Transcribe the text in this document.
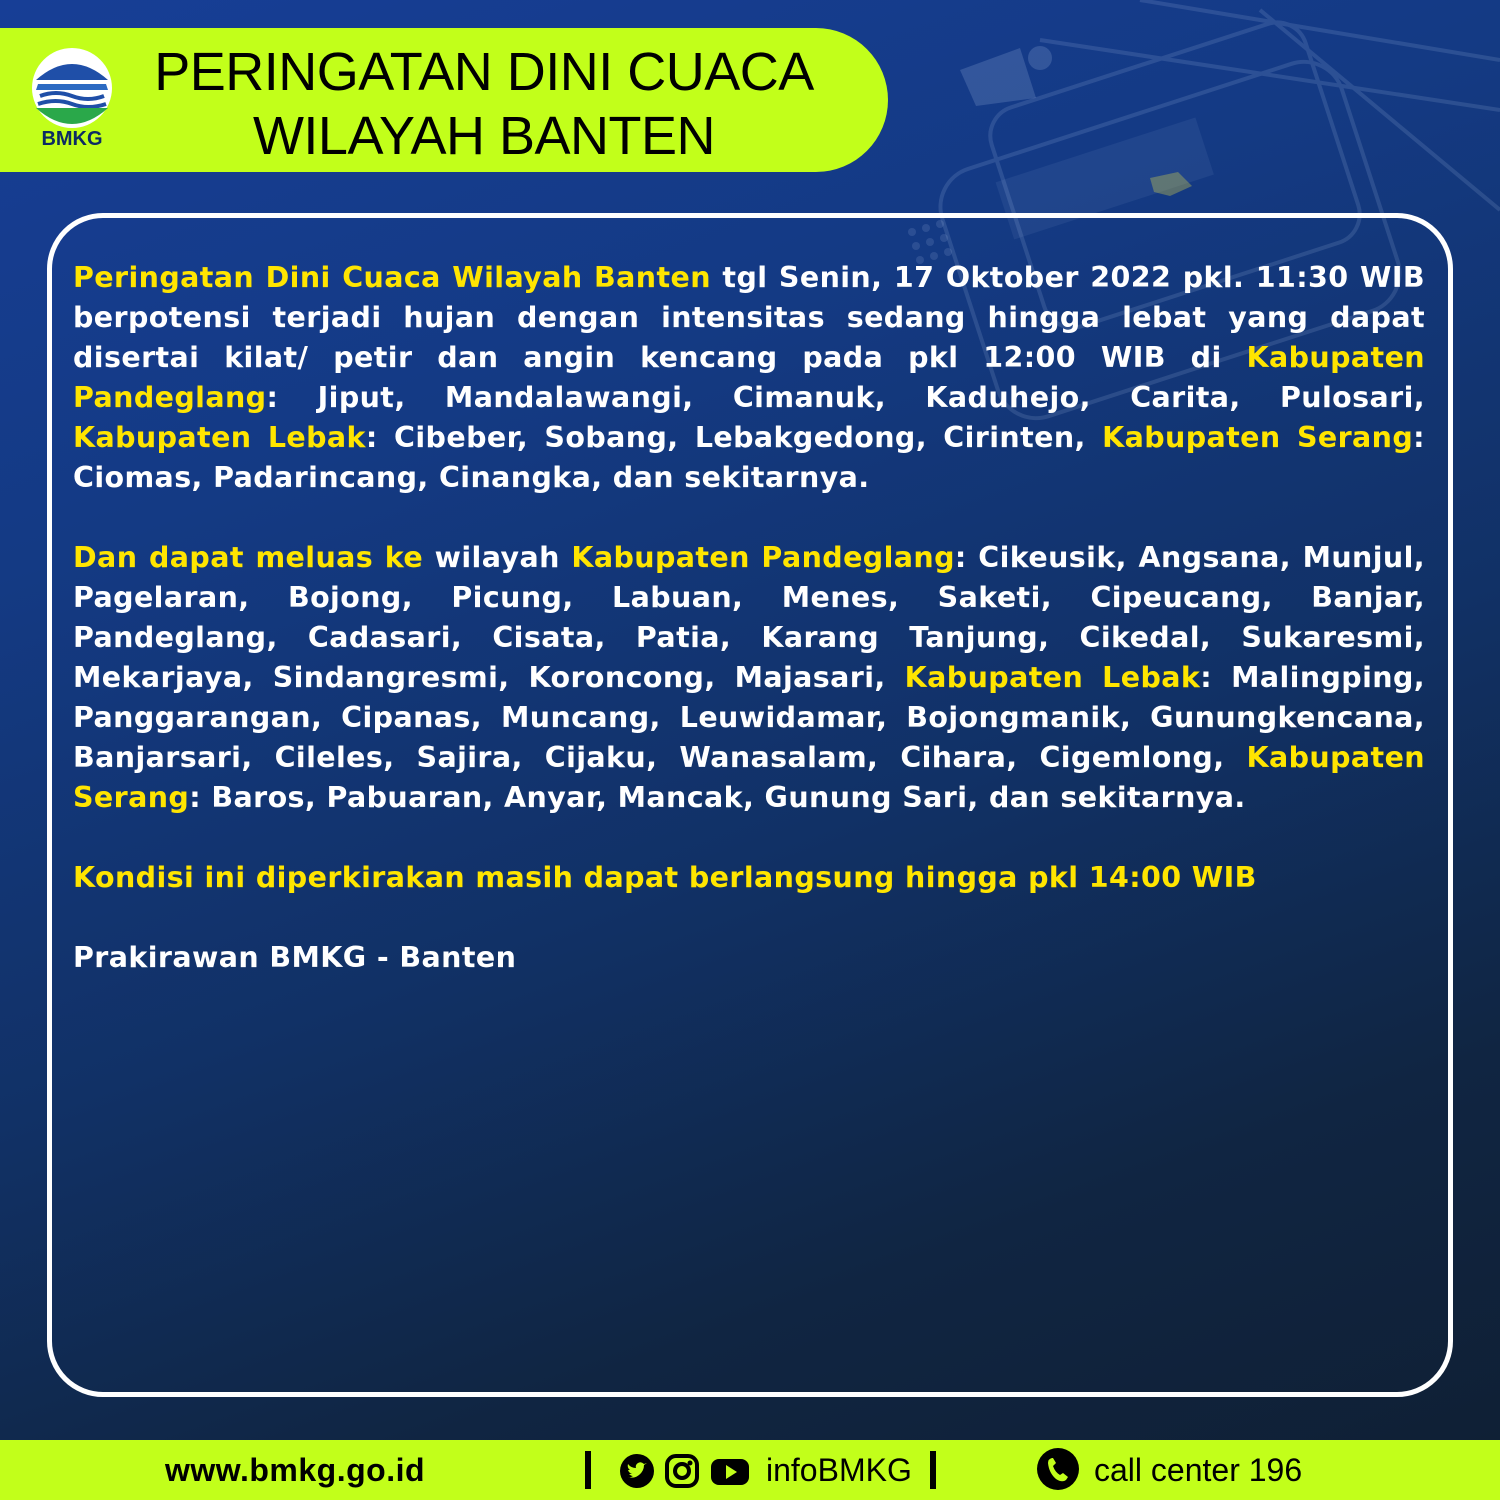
BMKG
PERINGATAN DINI CUACA
WILAYAH BANTEN

Peringatan Dini Cuaca Wilayah Banten tgl Senin, 17 Oktober 2022 pkl. 11:30 WIB berpotensi terjadi hujan dengan intensitas sedang hingga lebat yang dapat disertai kilat/ petir dan angin kencang pada pkl 12:00 WIB di Kabupaten Pandeglang: Jiput, Mandalawangi, Cimanuk, Kaduhejo, Carita, Pulosari, Kabupaten Lebak: Cibeber, Sobang, Lebakgedong, Cirinten, Kabupaten Serang: Ciomas, Padarincang, Cinangka, dan sekitarnya.

Dan dapat meluas ke wilayah Kabupaten Pandeglang: Cikeusik, Angsana, Munjul, Pagelaran, Bojong, Picung, Labuan, Menes, Saketi, Cipeucang, Banjar, Pandeglang, Cadasari, Cisata, Patia, Karang Tanjung, Cikedal, Sukaresmi, Mekarjaya, Sindangresmi, Koroncong, Majasari, Kabupaten Lebak: Malingping, Panggarangan, Cipanas, Muncang, Leuwidamar, Bojongmanik, Gunungkencana, Banjarsari, Cileles, Sajira, Cijaku, Wanasalam, Cihara, Cigemlong, Kabupaten Serang: Baros, Pabuaran, Anyar, Mancak, Gunung Sari, dan sekitarnya.

Kondisi ini diperkirakan masih dapat berlangsung hingga pkl 14:00 WIB

Prakirawan BMKG - Banten

www.bmkg.go.id	infoBMKG	call center 196
